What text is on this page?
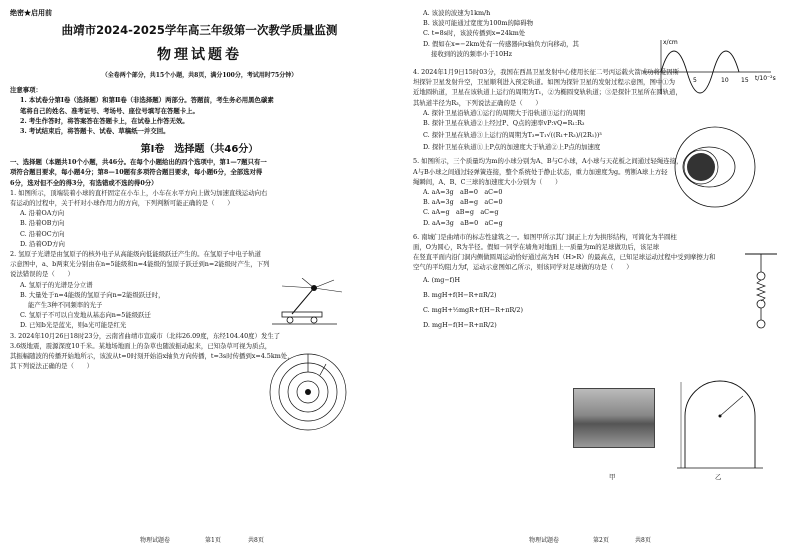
绝密★启用前
曲靖市2024-2025学年高三年级第一次教学质量监测
物理试题卷
（全卷两个部分，共15个小题，共8页，满分100分，考试用时75分钟）
注意事项：
1. 本试卷分第Ⅰ卷（选择题）和第Ⅱ卷（非选择题）两部分。答题前，考生务必用黑色碳素
笔将自己的姓名、准考证号、考场号、座位号填写在答题卡上。
2. 考生作答时，将答案答在答题卡上，在试卷上作答无效。
3. 考试结束后，将答题卡、试卷、草稿纸一并交回。
第Ⅰ卷　选择题（共46分）
一、选择题（本题共10个小题，共46分。在每个小题给出的四个选项中，第1—7题只有一
项符合题目要求，每小题4分；第8—10题有多项符合题目要求，每小题6分，全部选对得
6分，选对但不全的得3分，有选错或不选的得0分）
1. 如图所示，顶端装着小球的直杆固定在小车上，小车在水平方向上做匀加速直线运动向右
有运动的过程中，关于杆对小球作用力的方向，下列判断可能正确的是（　　）
A. 沿着OA方向
B. 沿着OB方向
C. 沿着OC方向
D. 沿着OD方向
2. 氢原子光谱是由氢原子的核外电子从高能级向低能级跃迁产生的。在氢原子中电子轨道
示意图中，a、b两束光分别由在n=5能级和n=4能级的氢原子跃迁到n=2能级时产生，下列
说法错误的是（　　）
A. 氢原子的光谱是分立谱
B. 大量处于n=4能级的氢原子向n=2能级跃迁时，
能产生3种不同频率的光子
C. 氢原子不可以自发地从基态向n=5能级跃迁
D. 已知b光是蓝光，则a光可能是红光
3. 2024年10月26日18时23分，云南省曲靖市宣威市（北纬26.09度，东经104.40度）发生了
3.6级地震，震源深度10千米。某地场地面上的杂草也随波振动起来，已知杂草可视为质点，
其振幅随波的传播开始地所示，该波从t=0时刻开始沿x轴负方向传播，t=3s时传播到x=4.5km处，
其下列说法正确的是（　　）
物理试题卷	第1页	共8页
A. 该波的波速为1km/h
B. 该波可能通过宽度为100m的障碍物
C. t=8s时，该波传播到x=24km处
D. 假如在x=−2km处有一传感器向x轴负方向移动，其
接收到的波的频率小于10Hz
4. 2024年1月9日15时03分，我国在西昌卫星发射中心使用长征二号丙运载火箭成功将爱因斯
坦探针卫星发射升空，卫星顺利进入预定轨道。如图为探针卫星的发射过程示意图，图中①为
近地圆轨道，卫星在该轨道上运行的周期为T₁，②为椭圆变轨轨道；③是探针卫星所在圆轨道，
其轨道半径为R₃，下列说法正确的是（　　）
A. 探针卫星沿轨道①运行的周期大于沿轨道③运行的周期
B. 探针卫星在轨道②上经过P、Q点的速率vP:vQ=R₁:R₃
C. 探针卫星在轨道③上运行的周期为T₃=T₁√((R₁+R₃)/(2R₁))³
D. 探针卫星在轨道①上P点的加速度大于轨道②上P点的加速度
5. 如图所示，三个质量均为m的小球分别为A、B与C小球，A小球与天花板之间通过轻绳连接，
A与B小球之间通过轻弹簧连接，整个系统处于静止状态，重力加速度为g。剪断A球上方轻
绳瞬间，A、B、C三球的加速度大小分别为（　　）
A. aA=3g　aB=0　aC=0
B. aA=3g　aB=g　aC=0
C. aA=g　aB=g　aC=g
D. aA=3g　aB=0　aC=g
6. 南城门是曲靖市的标志性建筑之一。如图甲所示其门洞正上方为拱形结构，可简化为半圆柱
面，O为圆心，R为半径。假如一同学在墙角对地面上一质量为m的足球做功后，该足球
在竖直平面内沿门洞内侧做圆周运动恰好通过高为H（H>R）的最高点，已知足球运动过程中受到摩擦力和
空气的平均阻力为f，运动示意图如乙所示，则该同学对足球做的功是（　　）
A. (mg−f)H
B. mgH+f(H−R+πR/2)
C. mgH+½mgR+f(H−R+πR/2)
D. mgH−f(H−R+πR/2)
x/cm
5	10 15 t/10⁻²s
甲	乙
物理试题卷	第2页	共8页
